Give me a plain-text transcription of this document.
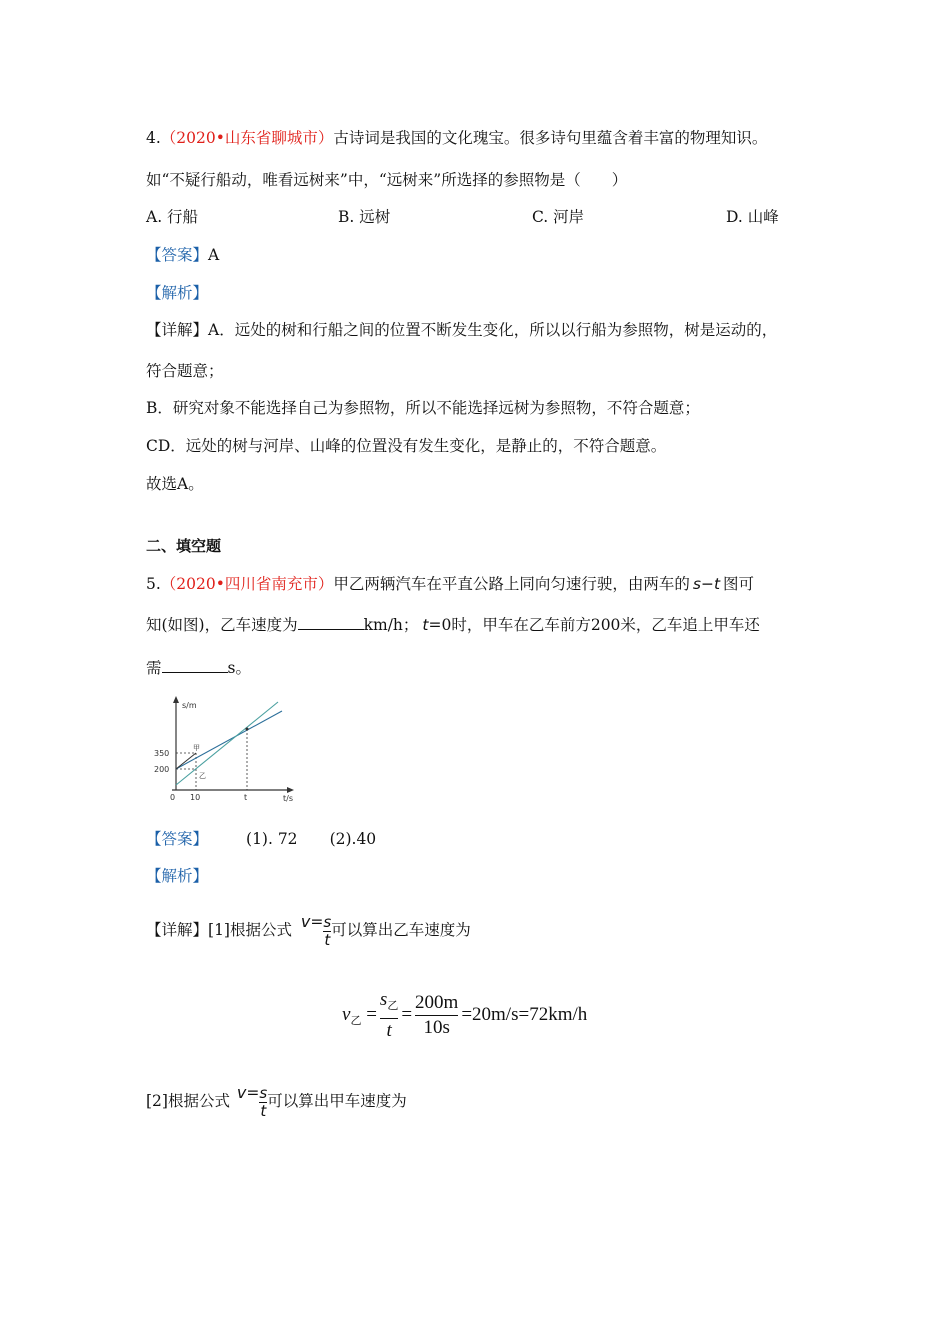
4.（2020•山东省聊城市）古诗词是我国的文化瑰宝。很多诗句里蕴含着丰富的物理知识。
如“不疑行船动，唯看远树来”中，“远树来”所选择的参照物是（　　）
A. 行船	B. 远树	C. 河岸	D. 山峰
【答案】A
【解析】
【详解】A．远处的树和行船之间的位置不断发生变化，所以以行船为参照物，树是运动的，
符合题意；
B．研究对象不能选择自己为参照物，所以不能选择远树为参照物，不符合题意；
CD．远处的树与河岸、山峰的位置没有发生变化，是静止的，不符合题意。
故选A。
二、填空题
5.（2020•四川省南充市）甲乙两辆汽车在平直公路上同向匀速行驶，由两车的 s−t 图可
知(如图)，乙车速度为	km/h； t=0时，甲车在乙车前方200米，乙车追上甲车还
需	s。
s/m
t/s
350
200
0 10	t
甲
乙
【答案】 (1). 72 (2).40
【解析】
【详解】[1]根据公式 $v= \frac{s}{t}$ 可以算出乙车速度为
$v_乙 = \frac{s_乙}{t} = \frac{200m}{10s} =20m/s=72km/h$
[2]根据公式 $v= \frac{s}{t}$ 可以算出甲车速度为
